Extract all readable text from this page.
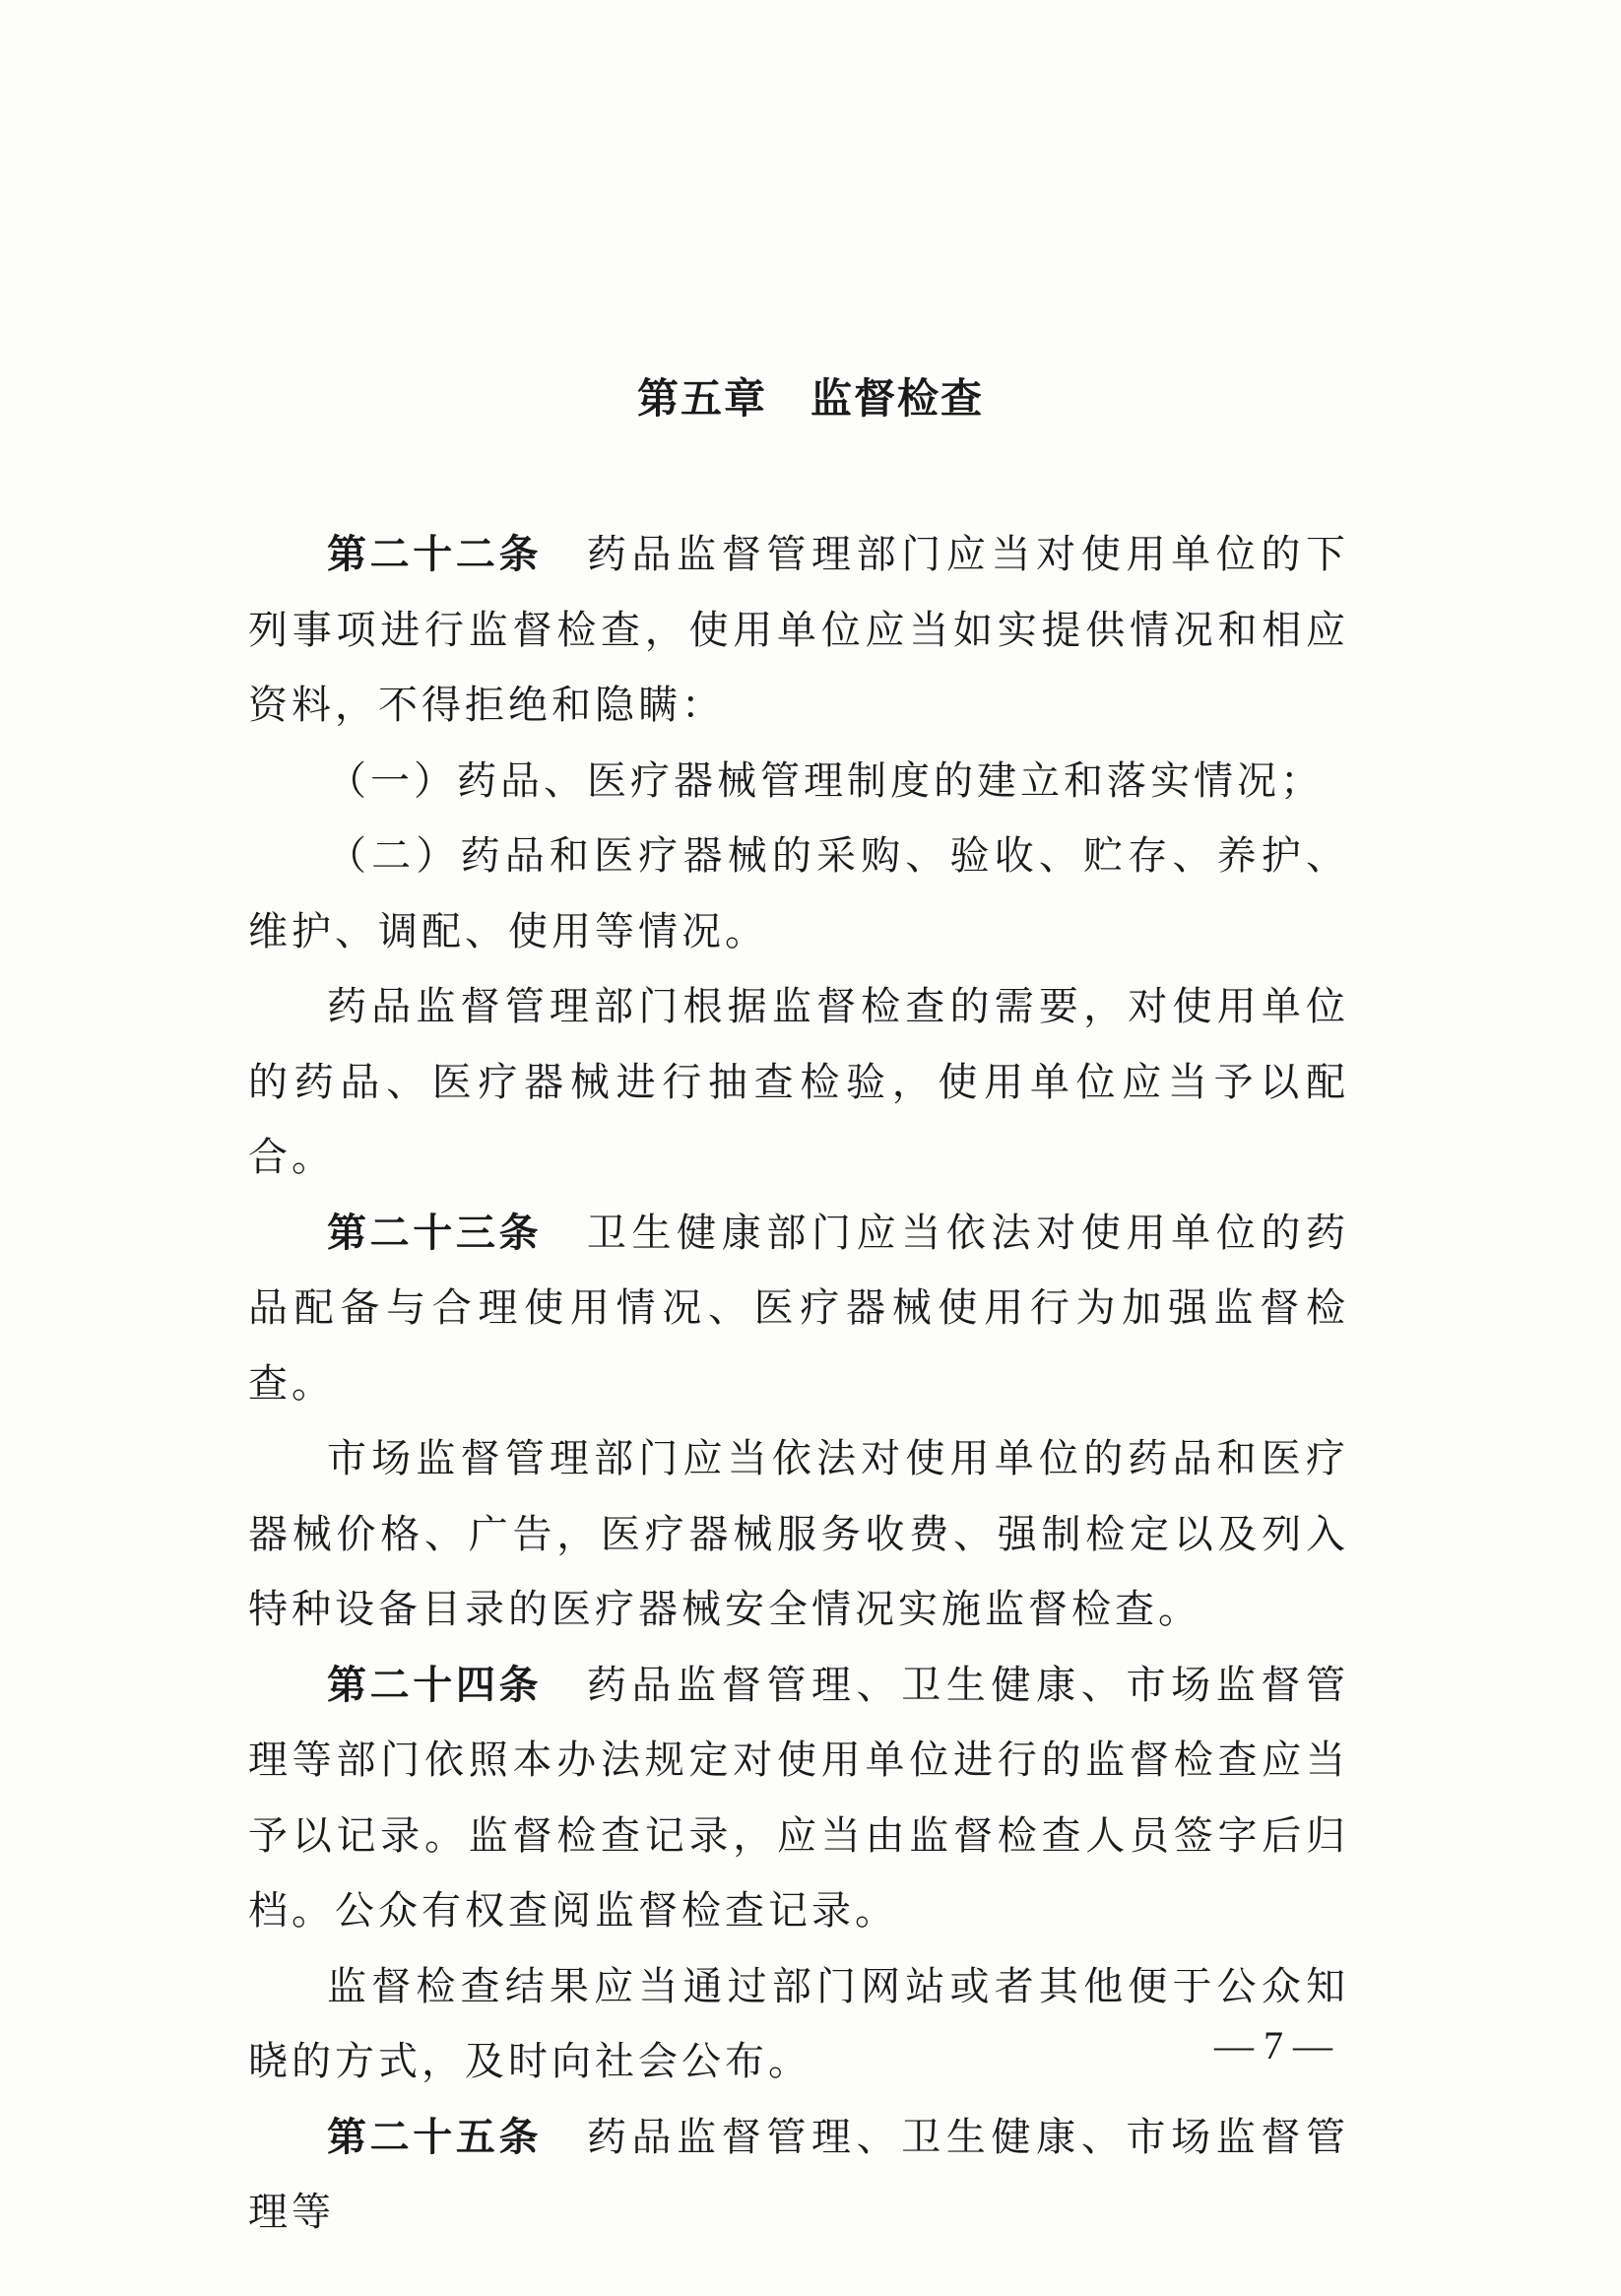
第五章 监督检查

第二十二条 药品监督管理部门应当对使用单位的下列事项进行监督检查，使用单位应当如实提供情况和相应资料，不得拒绝和隐瞒：

（一）药品、医疗器械管理制度的建立和落实情况；

（二）药品和医疗器械的采购、验收、贮存、养护、维护、调配、使用等情况。

药品监督管理部门根据监督检查的需要，对使用单位的药品、医疗器械进行抽查检验，使用单位应当予以配合。

第二十三条 卫生健康部门应当依法对使用单位的药品配备与合理使用情况、医疗器械使用行为加强监督检查。

市场监督管理部门应当依法对使用单位的药品和医疗器械价格、广告，医疗器械服务收费、强制检定以及列入特种设备目录的医疗器械安全情况实施监督检查。

第二十四条 药品监督管理、卫生健康、市场监督管理等部门依照本办法规定对使用单位进行的监督检查应当予以记录。监督检查记录，应当由监督检查人员签字后归档。公众有权查阅监督检查记录。

监督检查结果应当通过部门网站或者其他便于公众知晓的方式，及时向社会公布。

第二十五条 药品监督管理、卫生健康、市场监督管理等

— 7 —
